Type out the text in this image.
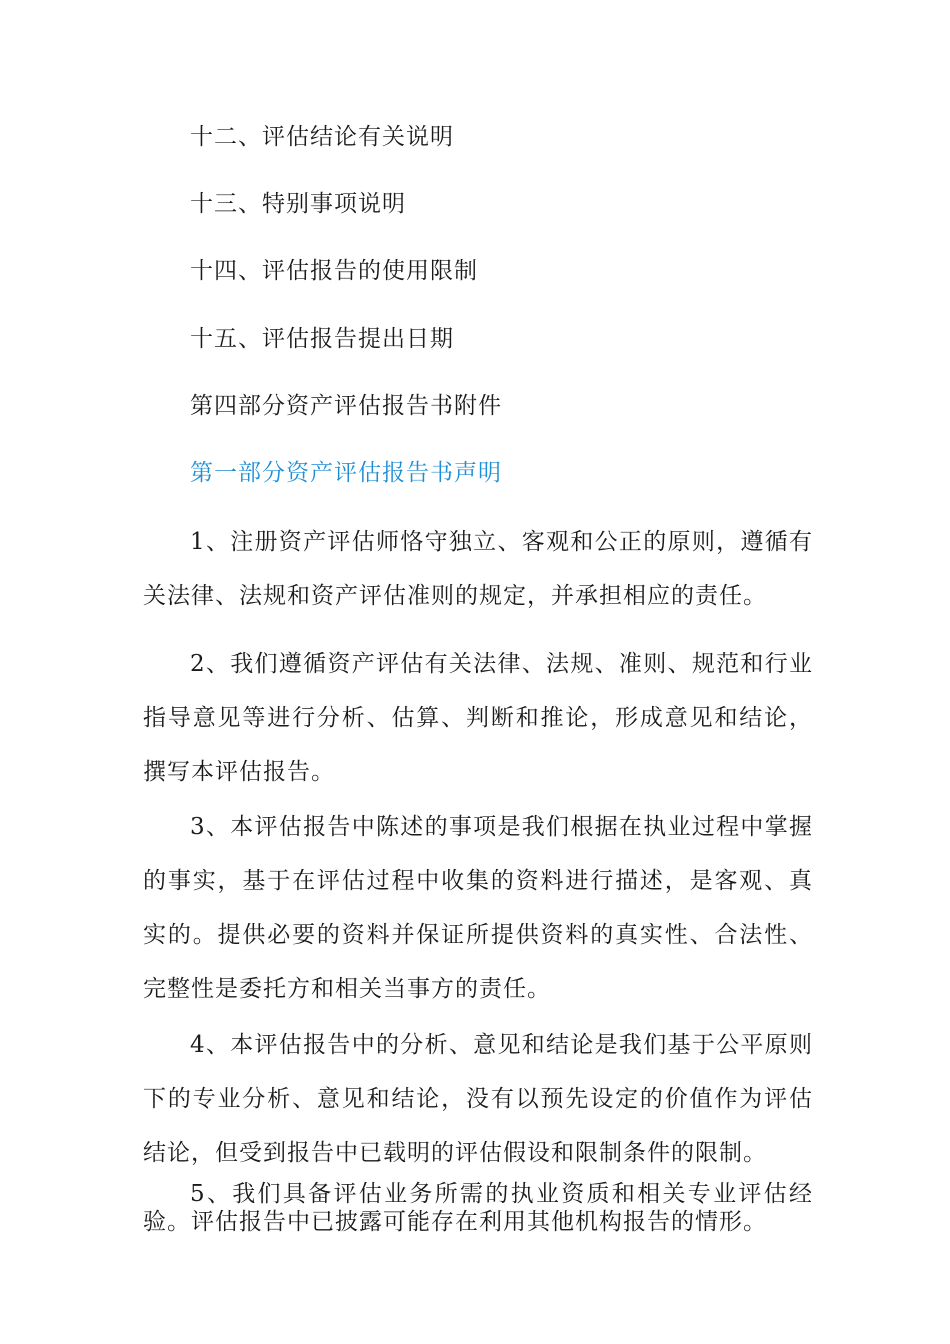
十二、评估结论有关说明
十三、特别事项说明
十四、评估报告的使用限制
十五、评估报告提出日期
第四部分资产评估报告书附件
第一部分资产评估报告书声明
1、注册资产评估师恪守独立、客观和公正的原则，遵循有关法律、法规和资产评估准则的规定，并承担相应的责任。
2、我们遵循资产评估有关法律、法规、准则、规范和行业指导意见等进行分析、估算、判断和推论，形成意见和结论，撰写本评估报告。
3、本评估报告中陈述的事项是我们根据在执业过程中掌握的事实，基于在评估过程中收集的资料进行描述，是客观、真实的。提供必要的资料并保证所提供资料的真实性、合法性、完整性是委托方和相关当事方的责任。
4、本评估报告中的分析、意见和结论是我们基于公平原则下的专业分析、意见和结论，没有以预先设定的价值作为评估结论，但受到报告中已载明的评估假设和限制条件的限制。
5、我们具备评估业务所需的执业资质和相关专业评估经验。评估报告中已披露可能存在利用其他机构报告的情形。
